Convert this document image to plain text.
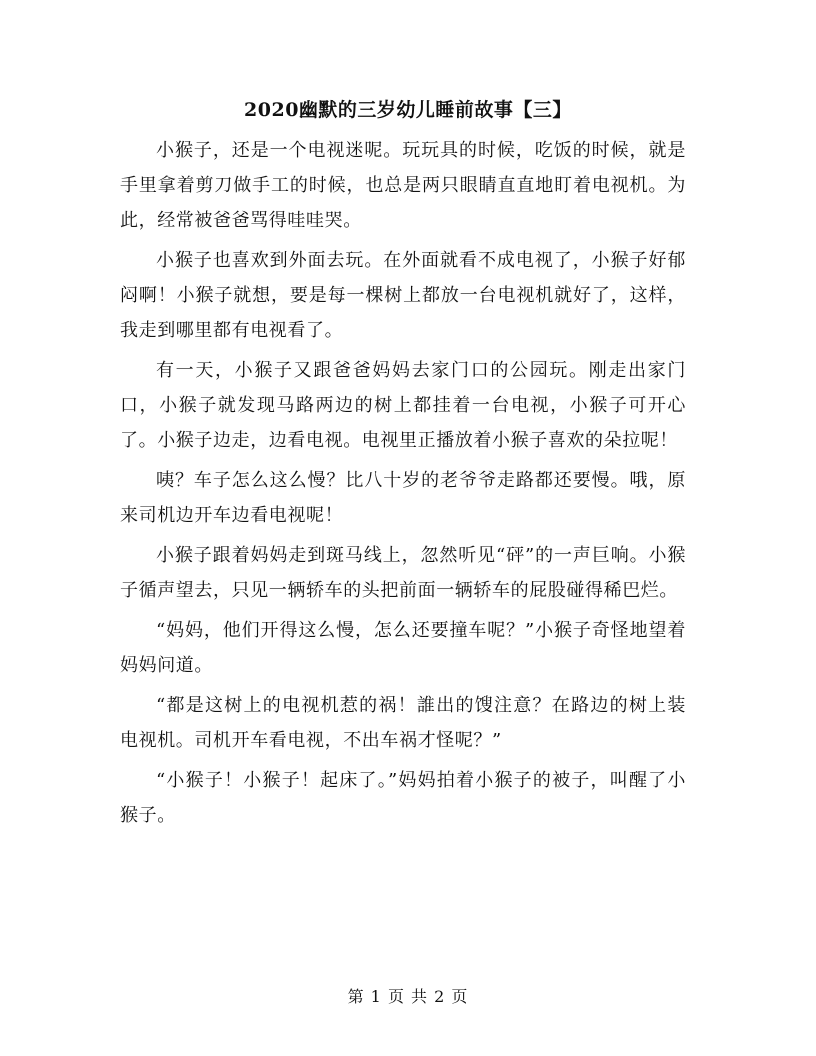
2020幽默的三岁幼儿睡前故事【三】

小猴子，还是一个电视迷呢。玩玩具的时候，吃饭的时候，就是手里拿着剪刀做手工的时候，也总是两只眼睛直直地盯着电视机。为此，经常被爸爸骂得哇哇哭。

小猴子也喜欢到外面去玩。在外面就看不成电视了，小猴子好郁闷啊！小猴子就想，要是每一棵树上都放一台电视机就好了，这样，我走到哪里都有电视看了。

有一天，小猴子又跟爸爸妈妈去家门口的公园玩。刚走出家门口，小猴子就发现马路两边的树上都挂着一台电视，小猴子可开心了。小猴子边走，边看电视。电视里正播放着小猴子喜欢的朵拉呢！

咦？车子怎么这么慢？比八十岁的老爷爷走路都还要慢。哦，原来司机边开车边看电视呢！

小猴子跟着妈妈走到斑马线上，忽然听见“砰”的一声巨响。小猴子循声望去，只见一辆轿车的头把前面一辆轿车的屁股碰得稀巴烂。

“妈妈，他们开得这么慢，怎么还要撞车呢？”小猴子奇怪地望着妈妈问道。

“都是这树上的电视机惹的祸！誰出的馊注意？在路边的树上装电视机。司机开车看电视，不出车祸才怪呢？”

“小猴子！小猴子！起床了。”妈妈拍着小猴子的被子，叫醒了小猴子。

第 1 页 共 2 页
